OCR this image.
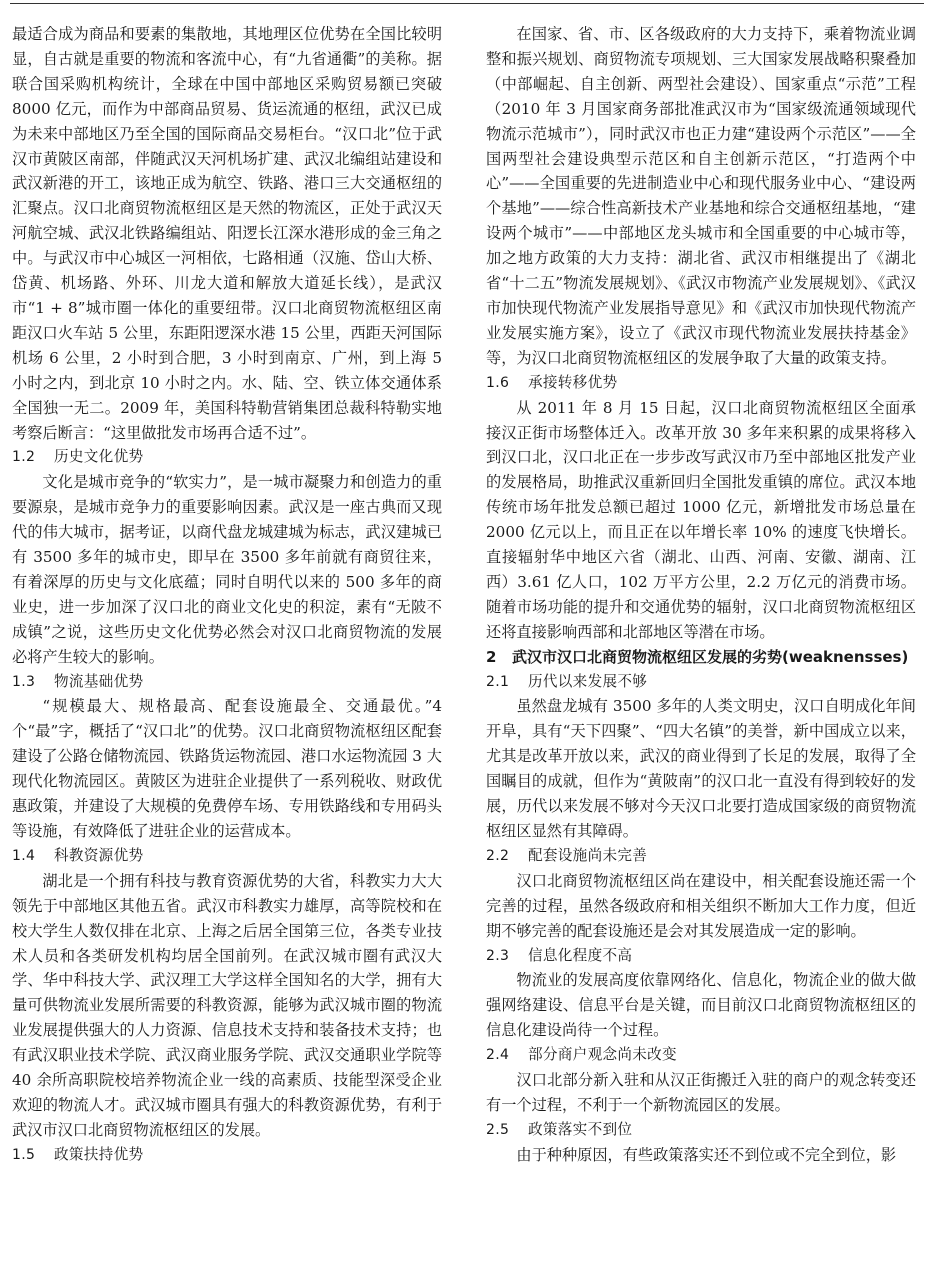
最适合成为商品和要素的集散地，其地理区位优势在全国比较明显，自古就是重要的物流和客流中心，有“九省通衢”的美称。据联合国采购机构统计，全球在中国中部地区采购贸易额已突破 8000 亿元，而作为中部商品贸易、货运流通的枢纽，武汉已成为未来中部地区乃至全国的国际商品交易柜台。“汉口北”位于武汉市黄陂区南部，伴随武汉天河机场扩建、武汉北编组站建设和武汉新港的开工，该地正成为航空、铁路、港口三大交通枢纽的汇聚点。汉口北商贸物流枢纽区是天然的物流区，正处于武汉天河航空城、武汉北铁路编组站、阳逻长江深水港形成的金三角之中。与武汉市中心城区一河相依，七路相通（汉施、岱山大桥、岱黄、机场路、外环、川龙大道和解放大道延长线），是武汉市“1 + 8”城市圈一体化的重要纽带。汉口北商贸物流枢纽区南距汉口火车站 5 公里，东距阳逻深水港 15 公里，西距天河国际机场 6 公里，2 小时到合肥，3 小时到南京、广州，到上海 5 小时之内，到北京 10 小时之内。水、陆、空、铁立体交通体系全国独一无二。2009 年，美国科特勒营销集团总裁科特勒实地考察后断言：“这里做批发市场再合适不过”。

1.2 历史文化优势

文化是城市竞争的“软实力”，是一城市凝聚力和创造力的重要源泉，是城市竞争力的重要影响因素。武汉是一座古典而又现代的伟大城市，据考证，以商代盘龙城建城为标志，武汉建城已有 3500 多年的城市史，即早在 3500 多年前就有商贸往来，有着深厚的历史与文化底蕴；同时自明代以来的 500 多年的商业史，进一步加深了汉口北的商业文化史的积淀，素有“无陂不成镇”之说，这些历史文化优势必然会对汉口北商贸物流的发展必将产生较大的影响。

1.3 物流基础优势

“规模最大、规格最高、配套设施最全、交通最优。”4 个“最”字，概括了“汉口北”的优势。汉口北商贸物流枢纽区配套建设了公路仓储物流园、铁路货运物流园、港口水运物流园 3 大现代化物流园区。黄陂区为进驻企业提供了一系列税收、财政优惠政策，并建设了大规模的免费停车场、专用铁路线和专用码头等设施，有效降低了进驻企业的运营成本。

1.4 科教资源优势

湖北是一个拥有科技与教育资源优势的大省，科教实力大大领先于中部地区其他五省。武汉市科教实力雄厚，高等院校和在校大学生人数仅排在北京、上海之后居全国第三位，各类专业技术人员和各类研发机构均居全国前列。在武汉城市圈有武汉大学、华中科技大学、武汉理工大学这样全国知名的大学，拥有大量可供物流业发展所需要的科教资源，能够为武汉城市圈的物流业发展提供强大的人力资源、信息技术支持和装备技术支持；也有武汉职业技术学院、武汉商业服务学院、武汉交通职业学院等 40 余所高职院校培养物流企业一线的高素质、技能型深受企业欢迎的物流人才。武汉城市圈具有强大的科教资源优势，有利于武汉市汉口北商贸物流枢纽区的发展。

1.5 政策扶持优势

在国家、省、市、区各级政府的大力支持下，乘着物流业调整和振兴规划、商贸物流专项规划、三大国家发展战略积聚叠加（中部崛起、自主创新、两型社会建设）、国家重点“示范”工程（2010 年 3 月国家商务部批准武汉市为“国家级流通领域现代物流示范城市”），同时武汉市也正力建“建设两个示范区”——全国两型社会建设典型示范区和自主创新示范区，“打造两个中心”——全国重要的先进制造业中心和现代服务业中心、“建设两个基地”——综合性高新技术产业基地和综合交通枢纽基地，“建设两个城市”——中部地区龙头城市和全国重要的中心城市等，加之地方政策的大力支持：湖北省、武汉市相继提出了《湖北省“十二五”物流发展规划》、《武汉市物流产业发展规划》、《武汉市加快现代物流产业发展指导意见》和《武汉市加快现代物流产业发展实施方案》，设立了《武汉市现代物流业发展扶持基金》等，为汉口北商贸物流枢纽区的发展争取了大量的政策支持。

1.6 承接转移优势

从 2011 年 8 月 15 日起，汉口北商贸物流枢纽区全面承接汉正街市场整体迁入。改革开放 30 多年来积累的成果将移入到汉口北，汉口北正在一步步改写武汉市乃至中部地区批发产业的发展格局，助推武汉重新回归全国批发重镇的席位。武汉本地传统市场年批发总额已超过 1000 亿元，新增批发市场总量在 2000 亿元以上，而且正在以年增长率 10% 的速度飞快增长。直接辐射华中地区六省（湖北、山西、河南、安徽、湖南、江西）3.61 亿人口，102 万平方公里，2.2 万亿元的消费市场。随着市场功能的提升和交通优势的辐射，汉口北商贸物流枢纽区还将直接影响西部和北部地区等潜在市场。

2 武汉市汉口北商贸物流枢纽区发展的劣势(weaknensses)
2.1 历代以来发展不够

虽然盘龙城有 3500 多年的人类文明史，汉口自明成化年间开阜，具有“天下四聚”、“四大名镇”的美誉，新中国成立以来，尤其是改革开放以来，武汉的商业得到了长足的发展，取得了全国瞩目的成就，但作为“黄陂南”的汉口北一直没有得到较好的发展，历代以来发展不够对今天汉口北要打造成国家级的商贸物流枢纽区显然有其障碍。

2.2 配套设施尚未完善

汉口北商贸物流枢纽区尚在建设中，相关配套设施还需一个完善的过程，虽然各级政府和相关组织不断加大工作力度，但近期不够完善的配套设施还是会对其发展造成一定的影响。

2.3 信息化程度不高

物流业的发展高度依靠网络化、信息化，物流企业的做大做强网络建设、信息平台是关键，而目前汉口北商贸物流枢纽区的信息化建设尚待一个过程。

2.4 部分商户观念尚未改变

汉口北部分新入驻和从汉正街搬迁入驻的商户的观念转变还有一个过程，不利于一个新物流园区的发展。

2.5 政策落实不到位

由于种种原因，有些政策落实还不到位或不完全到位，影
